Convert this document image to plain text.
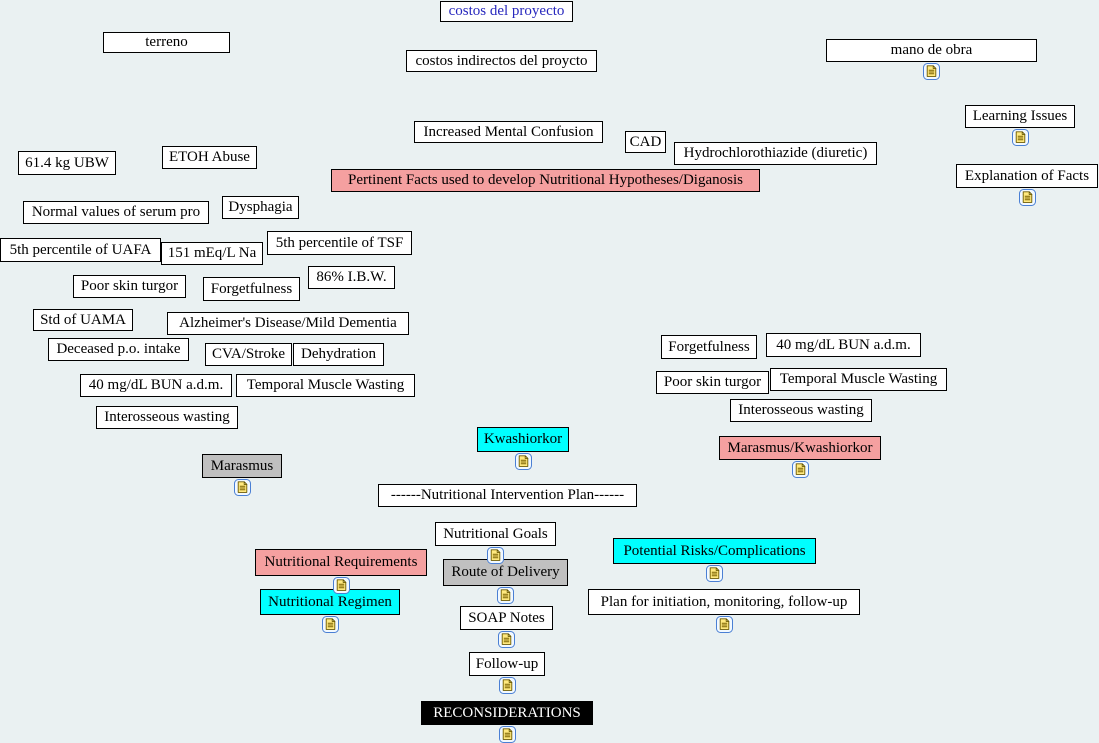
costos del proyecto
terreno
costos indirectos del proycto
mano de obra
Learning Issues
Increased Mental Confusion
CAD
Hydrochlorothiazide (diuretic)
61.4 kg UBW	ETOH Abuse
Pertinent Facts used to develop Nutritional Hypotheses/Diganosis	Explanation of Facts
Normal values of serum pro	Dysphagia
5th percentile of UAFA	151 mEq/L Na
5th percentile of TSF
86% I.B.W.
Poor skin turgor	Forgetfulness
Std of UAMA	Alzheimer's Disease/Mild Dementia
Deceased p.o. intake	CVA/Stroke	Dehydration
40 mg/dL BUN a.d.m.	Temporal Muscle Wasting
Interosseous wasting
Forgetfulness	40 mg/dL BUN a.d.m.
Poor skin turgor	Temporal Muscle Wasting
Interosseous wasting
Kwashiorkor
Marasmus/Kwashiorkor
Marasmus
------Nutritional Intervention Plan------
Nutritional Goals
Nutritional Requirements
Route of Delivery
Potential Risks/Complications
Nutritional Regimen	Plan for initiation, monitoring, follow-up
SOAP Notes
Follow-up
RECONSIDERATIONS
